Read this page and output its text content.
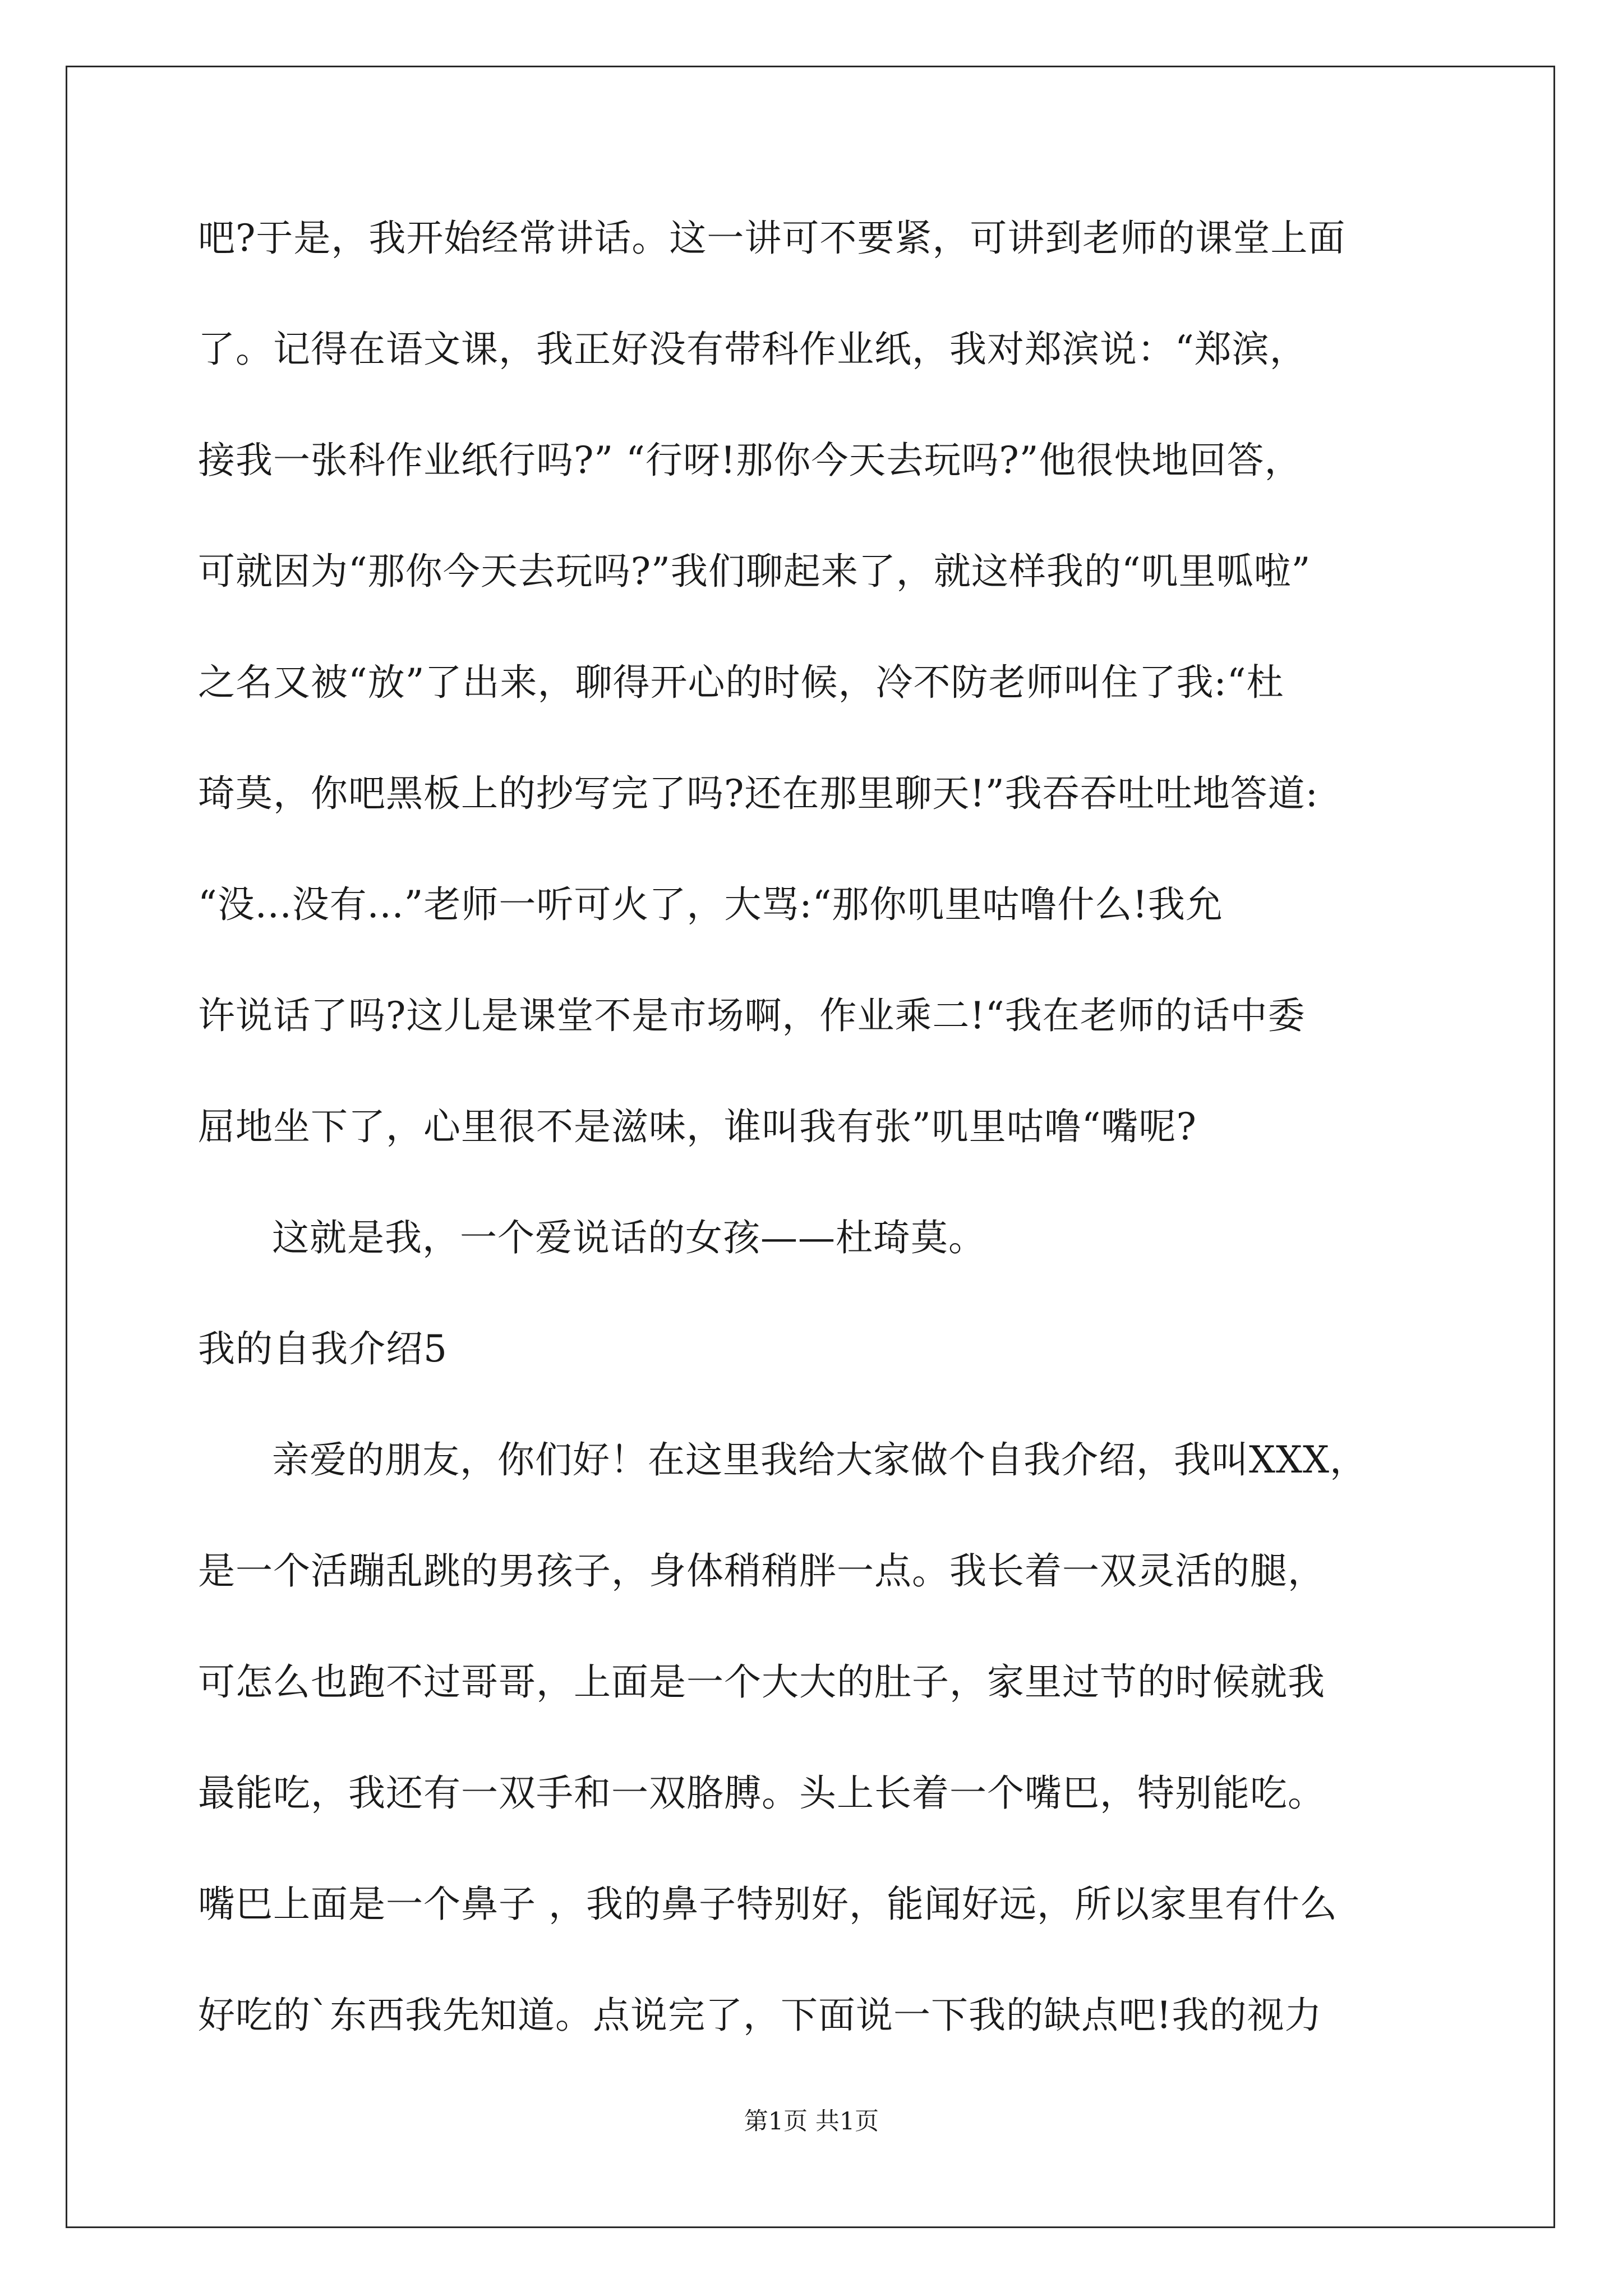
吧?于是，我开始经常讲话。这一讲可不要紧，可讲到老师的课堂上面
了。记得在语文课，我正好没有带科作业纸，我对郑滨说：“郑滨，
接我一张科作业纸行吗?” “行呀!那你今天去玩吗?”他很快地回答，
可就因为“那你今天去玩吗?”我们聊起来了，就这样我的“叽里呱啦”
之名又被“放”了出来，聊得开心的时候，冷不防老师叫住了我:“杜
琦莫，你吧黑板上的抄写完了吗?还在那里聊天!”我吞吞吐吐地答道:
“没...没有...”老师一听可火了，大骂:“那你叽里咕噜什么!我允
许说话了吗?这儿是课堂不是市场啊，作业乘二!“我在老师的话中委
屈地坐下了，心里很不是滋味，谁叫我有张”叽里咕噜“嘴呢?
这就是我，一个爱说话的女孩——杜琦莫。
我的自我介绍5
亲爱的朋友，你们好！在这里我给大家做个自我介绍，我叫XXX，
是一个活蹦乱跳的男孩子，身体稍稍胖一点。我长着一双灵活的腿，
可怎么也跑不过哥哥，上面是一个大大的肚子，家里过节的时候就我
最能吃，我还有一双手和一双胳膊。头上长着一个嘴巴，特别能吃。
嘴巴上面是一个鼻子 ，我的鼻子特别好，能闻好远，所以家里有什么
好吃的`东西我先知道。点说完了，下面说一下我的缺点吧!我的视力
第1页 共1页
